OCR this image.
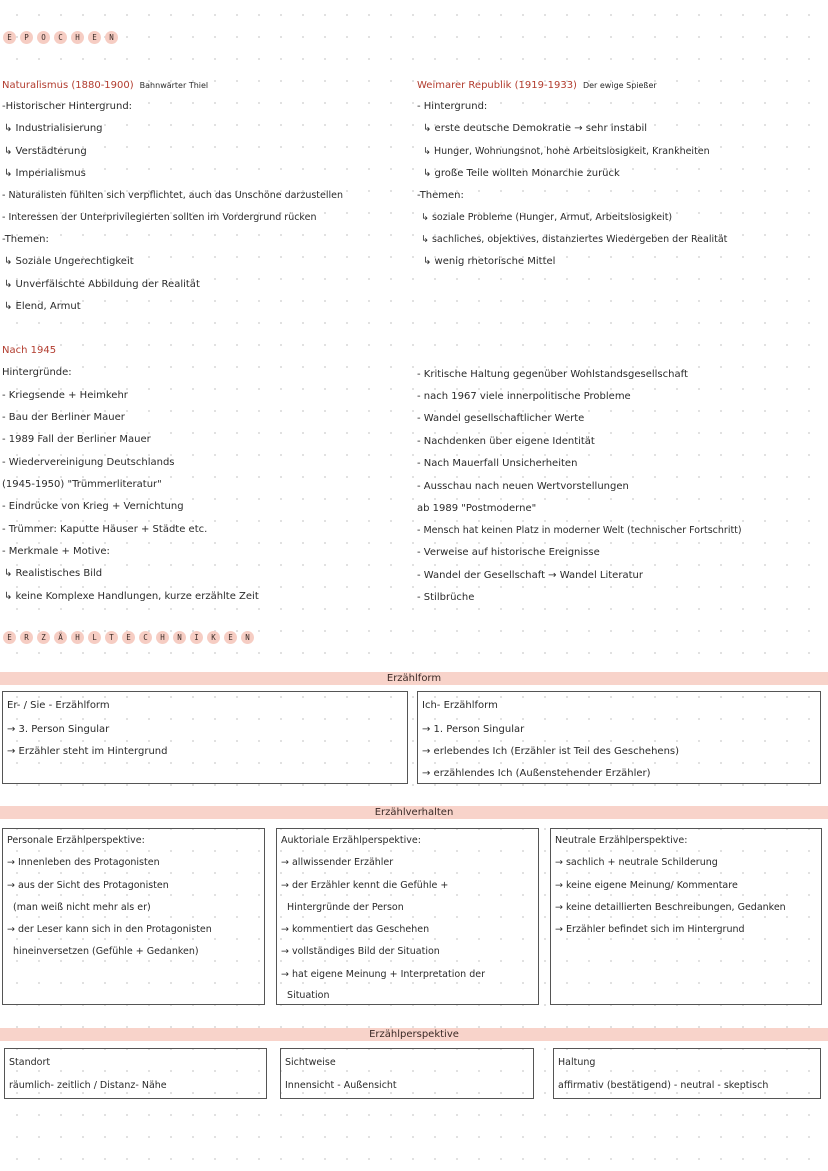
E	P	O	C	H	E	N
Naturalismus (1880-1900) Bahnwärter Thiel
-Historischer Hintergrund:
↳ Industrialisierung
↳ Verstädterung
↳ Imperialismus
- Naturalisten fühlten sich verpflichtet, auch das Unschöne darzustellen
- Interessen der Unterprivilegierten sollten im Vordergrund rücken
-Themen:
↳ Soziale Ungerechtigkeit
↳ Unverfälschte Abbildung der Realität
↳ Elend, Armut
Weimarer Republik (1919-1933) Der ewige Spießer
- Hintergrund:
↳ erste deutsche Demokratie → sehr instabil
↳ Hunger, Wohnungsnot, hohe Arbeitslosigkeit, Krankheiten
↳ große Teile wollten Monarchie zurück
-Themen:
↳ soziale Probleme (Hunger, Armut, Arbeitslosigkeit)
↳ sachliches, objektives, distanziertes Wiedergeben der Realität
↳ wenig rhetorische Mittel
Nach 1945
Hintergründe:
- Kriegsende + Heimkehr
- Bau der Berliner Mauer
- 1989 Fall der Berliner Mauer
- Wiedervereinigung Deutschlands
(1945-1950) "Trümmerliteratur"
- Eindrücke von Krieg + Vernichtung
- Trümmer: Kaputte Häuser + Städte etc.
- Merkmale + Motive:
↳ Realistisches Bild
↳ keine Komplexe Handlungen, kurze erzählte Zeit
- Kritische Haltung gegenüber Wohlstandsgesellschaft
- nach 1967 viele innerpolitische Probleme
- Wandel gesellschaftlicher Werte
- Nachdenken über eigene Identität
- Nach Mauerfall Unsicherheiten
- Ausschau nach neuen Wertvorstellungen
ab 1989 "Postmoderne"
- Mensch hat keinen Platz in moderner Welt (technischer Fortschritt)
- Verweise auf historische Ereignisse
- Wandel der Gesellschaft → Wandel Literatur
- Stilbrüche
E	R	Z	Ä	H	L	T	E	C	H	N	I	K	E	N
Erzählform
Er- / Sie - Erzählform
→ 3. Person Singular
→ Erzähler steht im Hintergrund
Ich- Erzählform
→ 1. Person Singular
→ erlebendes Ich (Erzähler ist Teil des Geschehens)
→ erzählendes Ich (Außenstehender Erzähler)
Erzählverhalten
Personale Erzählperspektive:
→ Innenleben des Protagonisten
→ aus der Sicht des Protagonisten
(man weiß nicht mehr als er)
→ der Leser kann sich in den Protagonisten
hineinversetzen (Gefühle + Gedanken)
Auktoriale Erzählperspektive:
→ allwissender Erzähler
→ der Erzähler kennt die Gefühle +
Hintergründe der Person
→ kommentiert das Geschehen
→ vollständiges Bild der Situation
→ hat eigene Meinung + Interpretation der
Situation
Neutrale Erzählperspektive:
→ sachlich + neutrale Schilderung
→ keine eigene Meinung/ Kommentare
→ keine detaillierten Beschreibungen, Gedanken
→ Erzähler befindet sich im Hintergrund
Erzählperspektive
Standort
räumlich- zeitlich / Distanz- Nähe
Sichtweise
Innensicht - Außensicht
Haltung
affirmativ (bestätigend) - neutral - skeptisch
